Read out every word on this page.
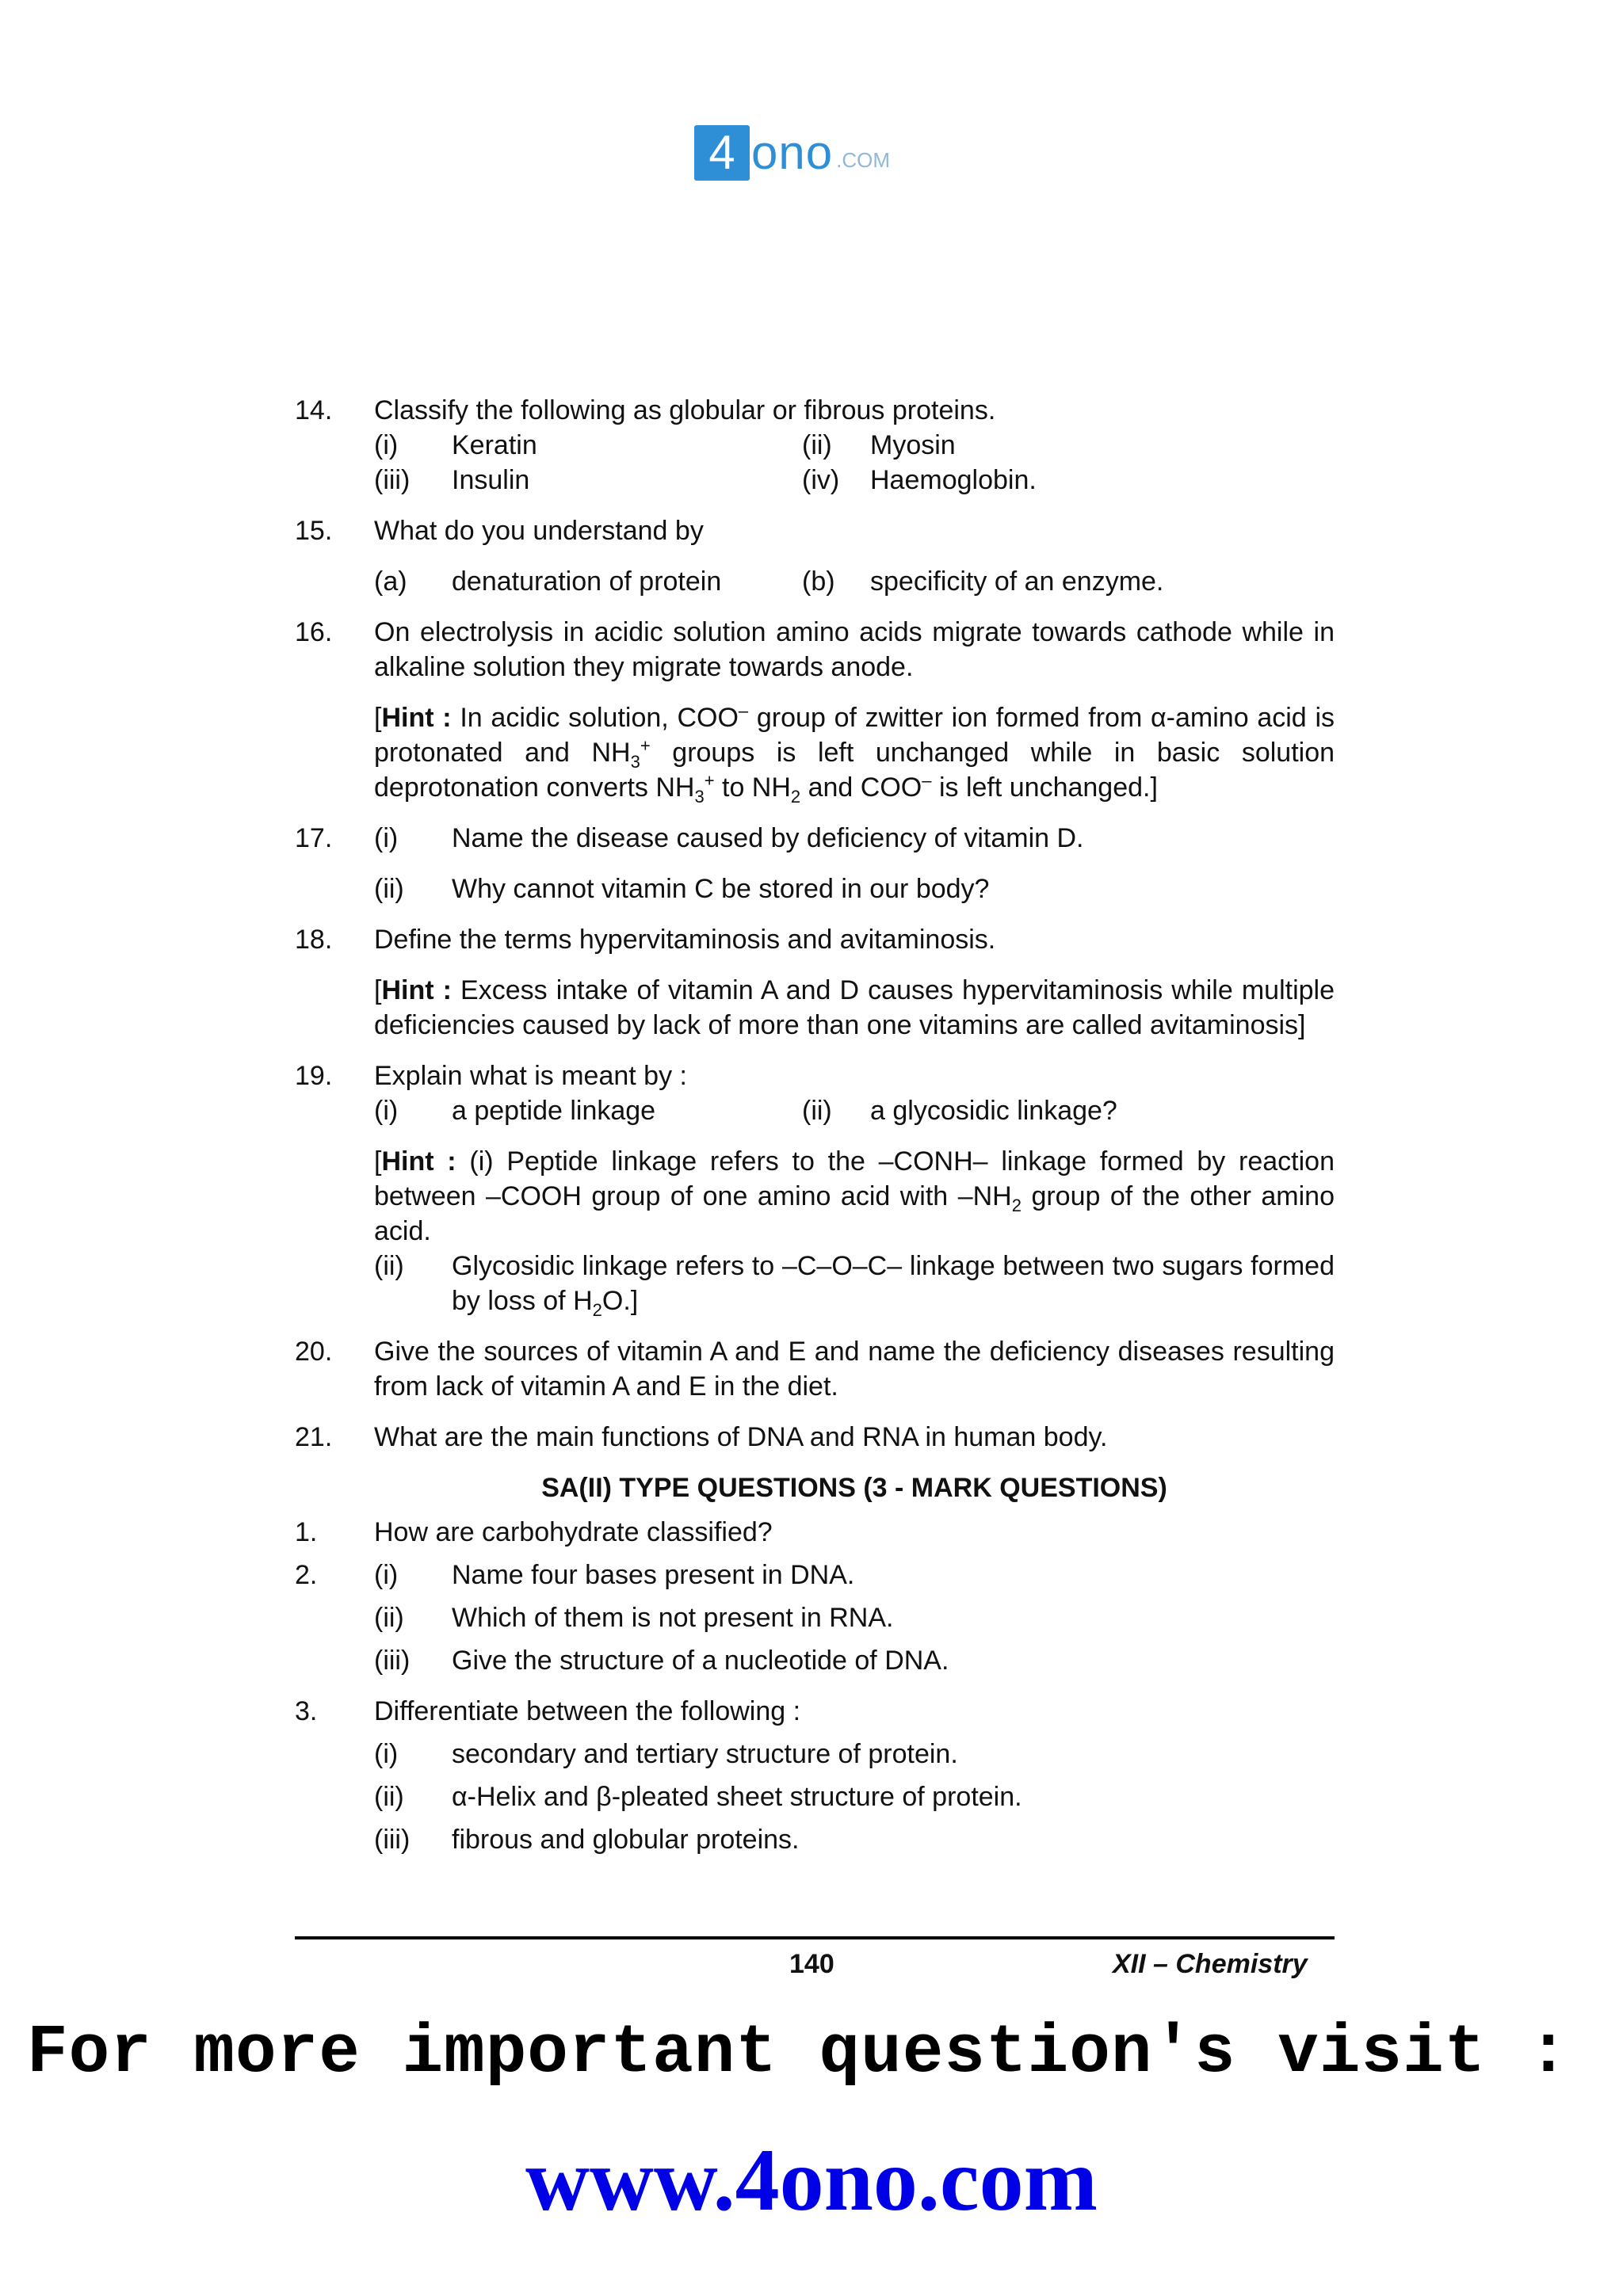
4 ono .COM
14. Classify the following as globular or fibrous proteins.
(i)	Keratin	(ii)	Myosin
(iii)	Insulin	(iv)	Haemoglobin.
15. What do you understand by
(a)	denaturation of protein	(b)	specificity of an enzyme.
16. On electrolysis in acidic solution amino acids migrate towards cathode while in alkaline solution they migrate towards anode.
[Hint : In acidic solution, COO– group of zwitter ion formed from α-amino acid is protonated and $NH_3^+$ groups is left unchanged while in basic solution deprotonation converts $NH_3^+$ to $NH_2$ and COO– is left unchanged.]
17. (i) Name the disease caused by deficiency of vitamin D.
(ii) Why cannot vitamin C be stored in our body?
18. Define the terms hypervitaminosis and avitaminosis.
[Hint : Excess intake of vitamin A and D causes hypervitaminosis while multiple deficiencies caused by lack of more than one vitamins are called avitaminosis]
19. Explain what is meant by :
(i)	a peptide linkage	(ii)	a glycosidic linkage?
[Hint : (i) Peptide linkage refers to the –CONH– linkage formed by reaction between –COOH group of one amino acid with $-NH_2$ group of the other amino acid.
(ii) Glycosidic linkage refers to –C–O–C– linkage between two sugars formed by loss of $H_2O$.]
20. Give the sources of vitamin A and E and name the deficiency diseases resulting from lack of vitamin A and E in the diet.
21. What are the main functions of DNA and RNA in human body.
SA(II) TYPE QUESTIONS (3 - MARK QUESTIONS)
1. How are carbohydrate classified?
2. (i) Name four bases present in DNA.
(ii) Which of them is not present in RNA.
(iii) Give the structure of a nucleotide of DNA.
3. Differentiate between the following :
(i) secondary and tertiary structure of protein.
(ii) α-Helix and β-pleated sheet structure of protein.
(iii) fibrous and globular proteins.
140	XII – Chemistry
For more important question's visit :
www.4ono.com
